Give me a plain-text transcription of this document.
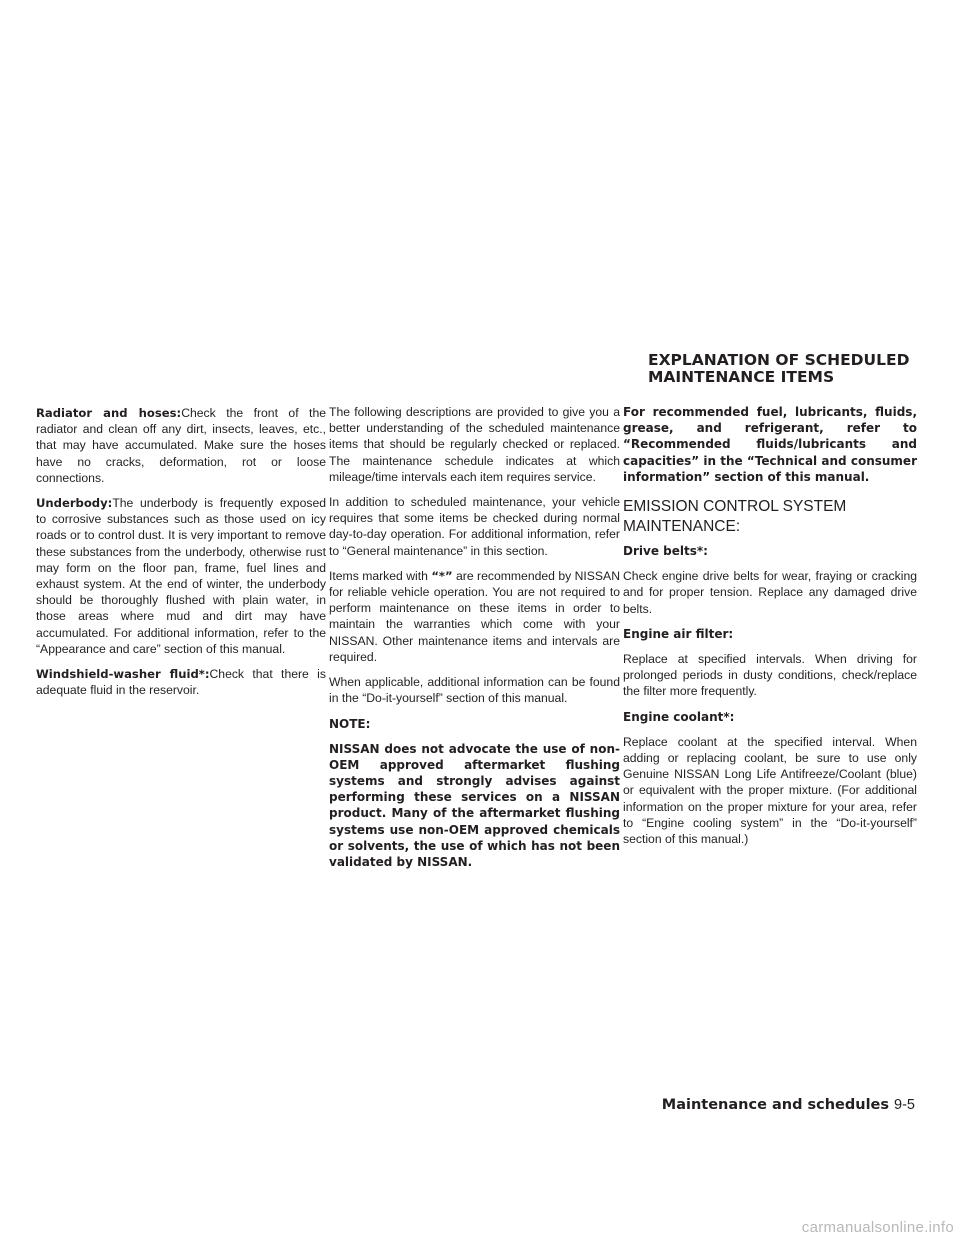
EXPLANATION OF SCHEDULED
MAINTENANCE ITEMS

Radiator and hoses:Check the front of the radiator and clean off any dirt, insects, leaves, etc., that may have accumulated. Make sure the hoses have no cracks, deformation, rot or loose connections.

Underbody:The underbody is frequently exposed to corrosive substances such as those used on icy roads or to control dust. It is very important to remove these substances from the underbody, otherwise rust may form on the floor pan, frame, fuel lines and exhaust system. At the end of winter, the underbody should be thoroughly flushed with plain water, in those areas where mud and dirt may have accumulated. For additional information, refer to the “Appearance and care” section of this manual.

Windshield-washer fluid*:Check that there is adequate fluid in the reservoir.

The following descriptions are provided to give you a better understanding of the scheduled maintenance items that should be regularly checked or replaced. The maintenance schedule indicates at which mileage/time intervals each item requires service.

In addition to scheduled maintenance, your vehicle requires that some items be checked during normal day-to-day operation. For additional information, refer to “General maintenance” in this section.

Items marked with “*” are recommended by NISSAN for reliable vehicle operation. You are not required to perform maintenance on these items in order to maintain the warranties which come with your NISSAN. Other maintenance items and intervals are required.

When applicable, additional information can be found in the “Do-it-yourself” section of this manual.

NOTE:

NISSAN does not advocate the use of non-OEM approved aftermarket flushing systems and strongly advises against performing these services on a NISSAN product. Many of the aftermarket flushing systems use non-OEM approved chemicals or solvents, the use of which has not been validated by NISSAN.

For recommended fuel, lubricants, fluids, grease, and refrigerant, refer to “Recommended fluids/lubricants and capacities” in the “Technical and consumer information” section of this manual.

EMISSION CONTROL SYSTEM MAINTENANCE:
Drive belts*:

Check engine drive belts for wear, fraying or cracking and for proper tension. Replace any damaged drive belts.

Engine air filter:

Replace at specified intervals. When driving for prolonged periods in dusty conditions, check/replace the filter more frequently.

Engine coolant*:

Replace coolant at the specified interval. When adding or replacing coolant, be sure to use only Genuine NISSAN Long Life Antifreeze/Coolant (blue) or equivalent with the proper mixture. (For additional information on the proper mixture for your area, refer to “Engine cooling system” in the “Do-it-yourself” section of this manual.)

Maintenance and schedules 9-5
carmanualsonline.info
